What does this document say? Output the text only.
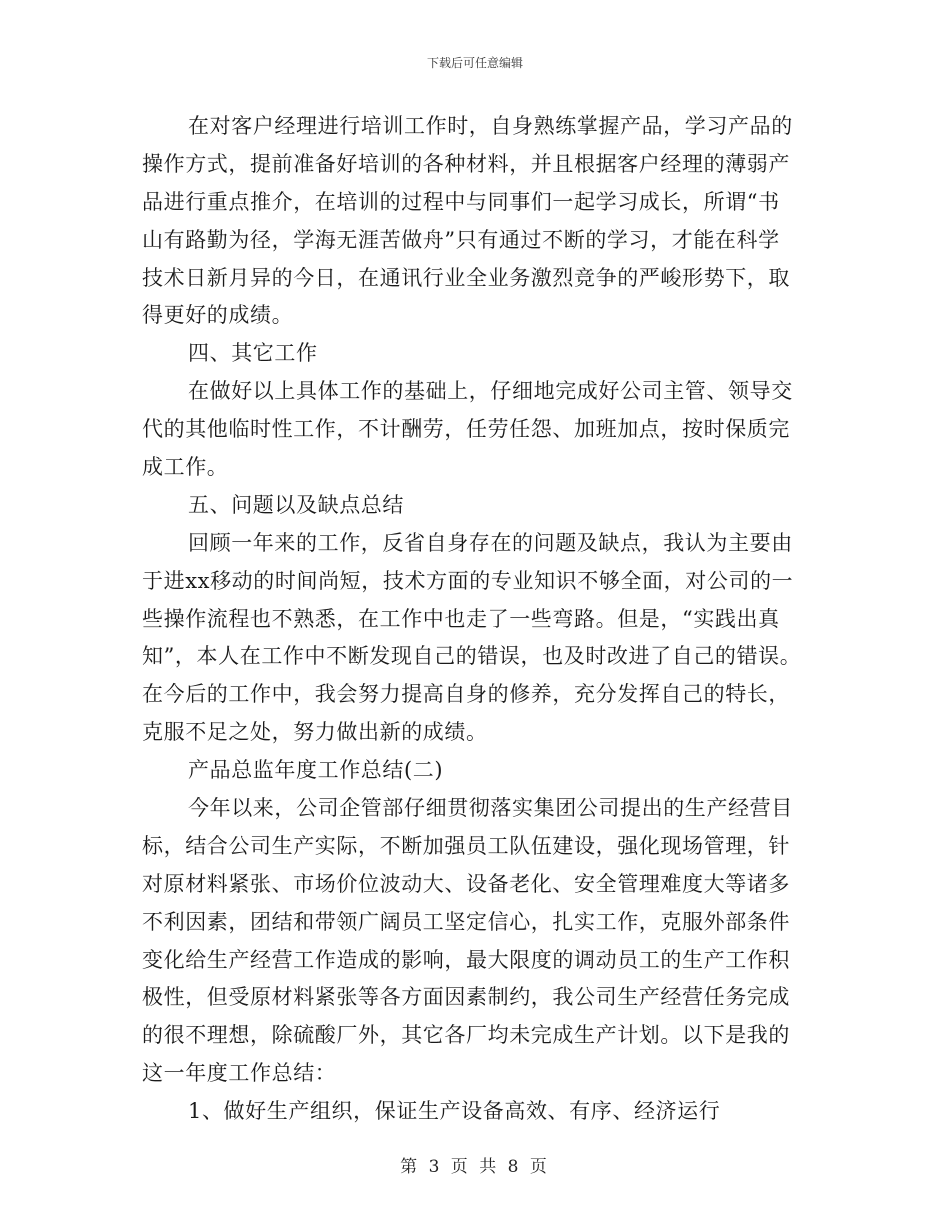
下载后可任意编辑
在对客户经理进行培训工作时，自身熟练掌握产品，学习产品的
操作方式，提前准备好培训的各种材料，并且根据客户经理的薄弱产
品进行重点推介，在培训的过程中与同事们一起学习成长，所谓“书
山有路勤为径，学海无涯苦做舟”只有通过不断的学习，才能在科学
技术日新月异的今日，在通讯行业全业务激烈竞争的严峻形势下，取
得更好的成绩。
四、其它工作
在做好以上具体工作的基础上，仔细地完成好公司主管、领导交
代的其他临时性工作，不计酬劳，任劳任怨、加班加点，按时保质完
成工作。
五、问题以及缺点总结
回顾一年来的工作，反省自身存在的问题及缺点，我认为主要由
于进xx移动的时间尚短，技术方面的专业知识不够全面，对公司的一
些操作流程也不熟悉，在工作中也走了一些弯路。但是，“实践出真
知”，本人在工作中不断发现自己的错误，也及时改进了自己的错误。
在今后的工作中，我会努力提高自身的修养，充分发挥自己的特长，
克服不足之处，努力做出新的成绩。
产品总监年度工作总结(二)
今年以来，公司企管部仔细贯彻落实集团公司提出的生产经营目
标，结合公司生产实际，不断加强员工队伍建设，强化现场管理，针
对原材料紧张、市场价位波动大、设备老化、安全管理难度大等诸多
不利因素，团结和带领广阔员工坚定信心，扎实工作，克服外部条件
变化给生产经营工作造成的影响，最大限度的调动员工的生产工作积
极性，但受原材料紧张等各方面因素制约，我公司生产经营任务完成
的很不理想，除硫酸厂外，其它各厂均未完成生产计划。以下是我的
这一年度工作总结：
1、做好生产组织，保证生产设备高效、有序、经济运行
第 3 页 共 8 页
